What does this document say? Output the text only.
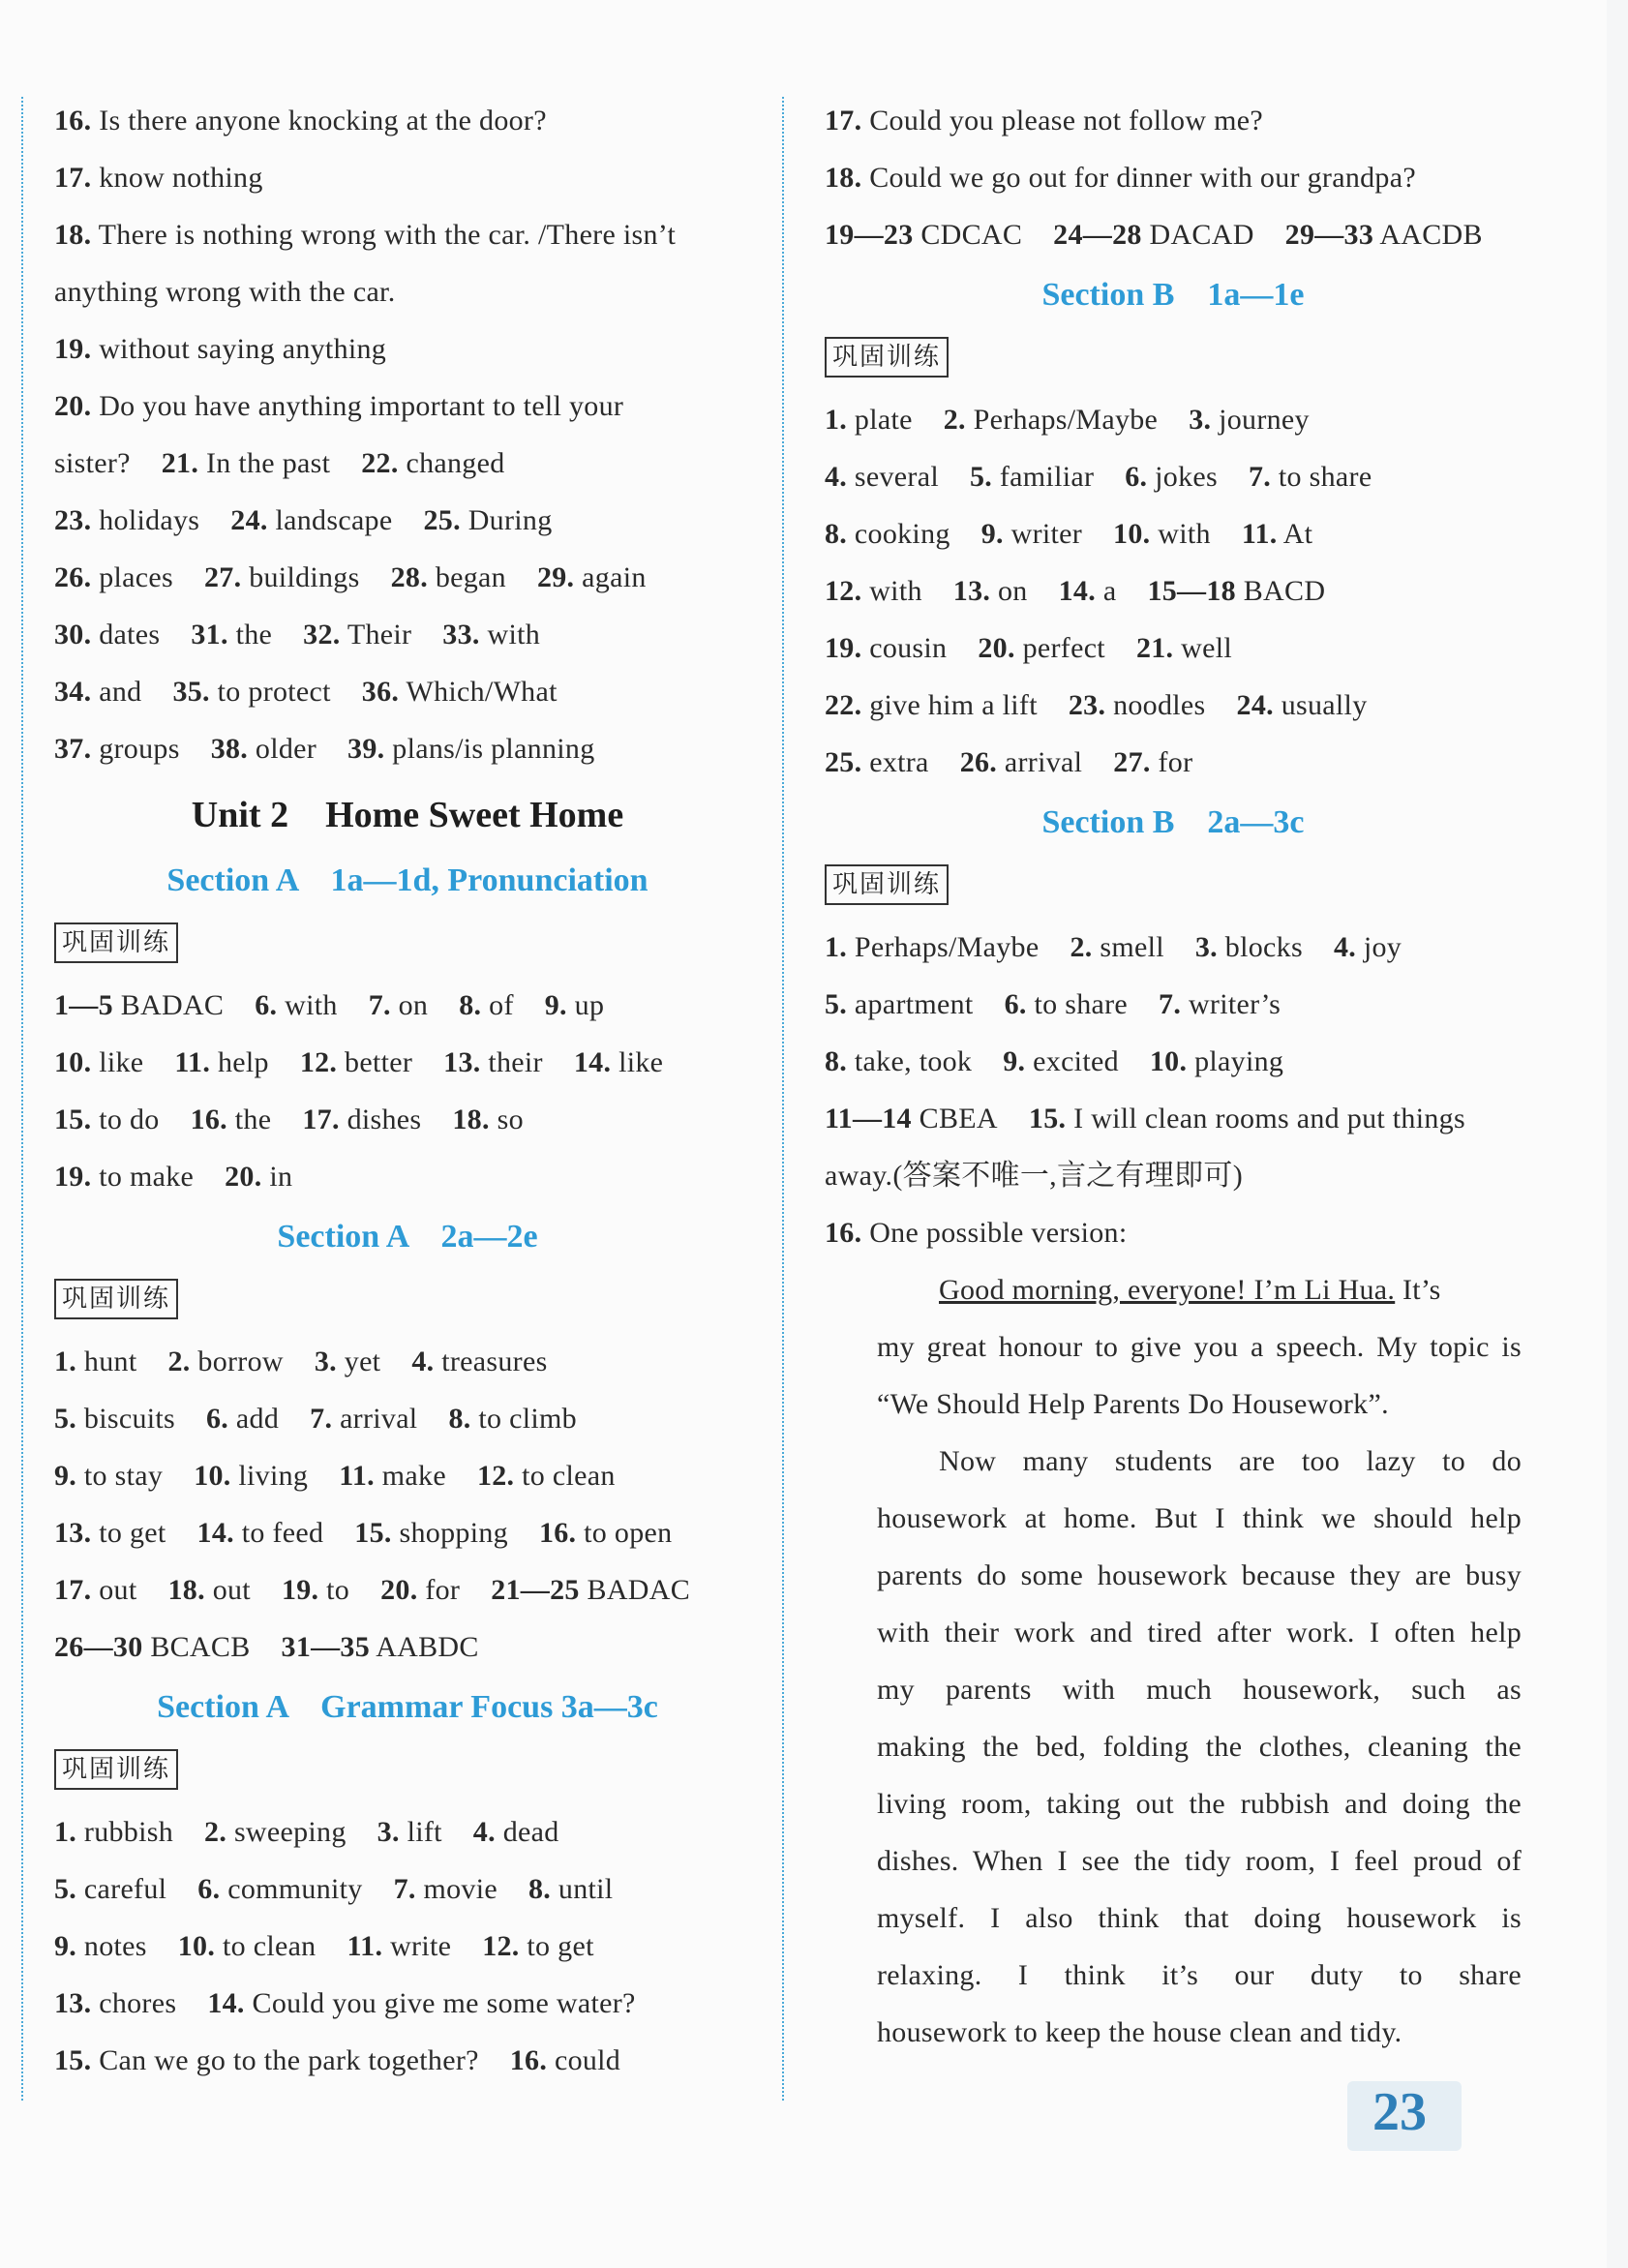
16. Is there anyone knocking at the door?
17. know nothing
18. There is nothing wrong with the car. /There isn’t
anything wrong with the car.
19. without saying anything
20. Do you have anything important to tell your
sister? 21. In the past 22. changed
23. holidays 24. landscape 25. During
26. places 27. buildings 28. began 29. again
30. dates 31. the 32. Their 33. with
34. and 35. to protect 36. Which/What
37. groups 38. older 39. plans/is planning
Unit 2　Home Sweet Home
Section A　1a—1d, Pronunciation
巩固训练
1—5 BADAC 6. with 7. on 8. of 9. up
10. like 11. help 12. better 13. their 14. like
15. to do 16. the 17. dishes 18. so
19. to make 20. in
Section A　2a—2e
巩固训练
1. hunt 2. borrow 3. yet 4. treasures
5. biscuits 6. add 7. arrival 8. to climb
9. to stay 10. living 11. make 12. to clean
13. to get 14. to feed 15. shopping 16. to open
17. out 18. out 19. to 20. for 21—25 BADAC
26—30 BCACB 31—35 AABDC
Section A　Grammar Focus 3a—3c
巩固训练
1. rubbish 2. sweeping 3. lift 4. dead
5. careful 6. community 7. movie 8. until
9. notes 10. to clean 11. write 12. to get
13. chores 14. Could you give me some water?
15. Can we go to the park together? 16. could
17. Could you please not follow me?
18. Could we go out for dinner with our grandpa?
19—23 CDCAC 24—28 DACAD 29—33 AACDB
Section B　1a—1e
巩固训练
1. plate 2. Perhaps/Maybe 3. journey
4. several 5. familiar 6. jokes 7. to share
8. cooking 9. writer 10. with 11. At
12. with 13. on 14. a 15—18 BACD
19. cousin 20. perfect 21. well
22. give him a lift 23. noodles 24. usually
25. extra 26. arrival 27. for
Section B　2a—3c
巩固训练
1. Perhaps/Maybe 2. smell 3. blocks 4. joy
5. apartment 6. to share 7. writer’s
8. take, took 9. excited 10. playing
11—14 CBEA 15. I will clean rooms and put things
away.(答案不唯一,言之有理即可)
16. One possible version:
Good morning, everyone! I’m Li Hua. It’s
my great honour to give you a speech. My topic is
“We Should Help Parents Do Housework”.
Now many students are too lazy to do
housework at home. But I think we should help
parents do some housework because they are busy
with their work and tired after work. I often help
my parents with much housework, such as
making the bed, folding the clothes, cleaning the
living room, taking out the rubbish and doing the
dishes. When I see the tidy room, I feel proud of
myself. I also think that doing housework is
relaxing. I think it’s our duty to share
housework to keep the house clean and tidy.
23
